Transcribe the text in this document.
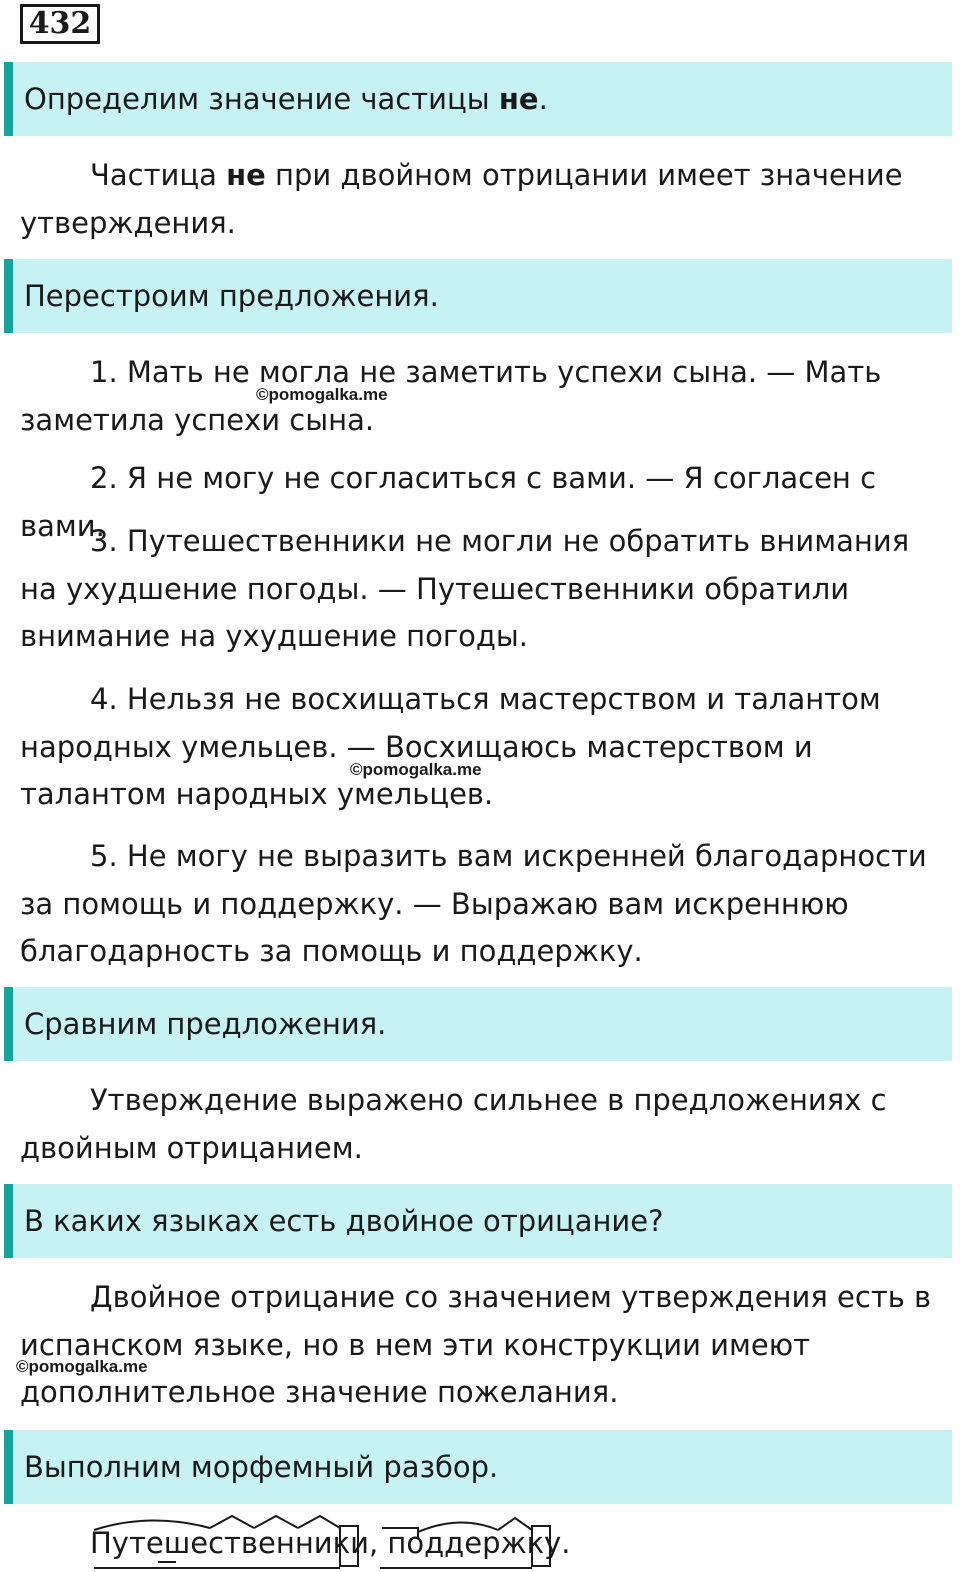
432
Определим значение частицы не.

Частица не при двойном отрицании имеет значение утверждения.

Перестроим предложения.

1. Мать не могла не заметить успехи сына. — Мать заметила успехи сына.

2. Я не могу не согласиться с вами. — Я согласен с вами.

3. Путешественники не могли не обратить внимания на ухудшение погоды. — Путешественники обратили внимание на ухудшение погоды.

4. Нельзя не восхищаться мастерством и талантом народных умельцев. — Восхищаюсь мастерством и талантом народных умельцев.

5. Не могу не выразить вам искренней благодарности за помощь и поддержку. — Выражаю вам искреннюю благодарность за помощь и поддержку.

Сравним предложения.

Утверждение выражено сильнее в предложениях с двойным отрицанием.

В каких языках есть двойное отрицание?

Двойное отрицание со значением утверждения есть в испанском языке, но в нем эти конструкции имеют дополнительное значение пожелания.

Выполним морфемный разбор.
Путешественники, поддержку.
©pomogalka.me
©pomogalka.me
©pomogalka.me
